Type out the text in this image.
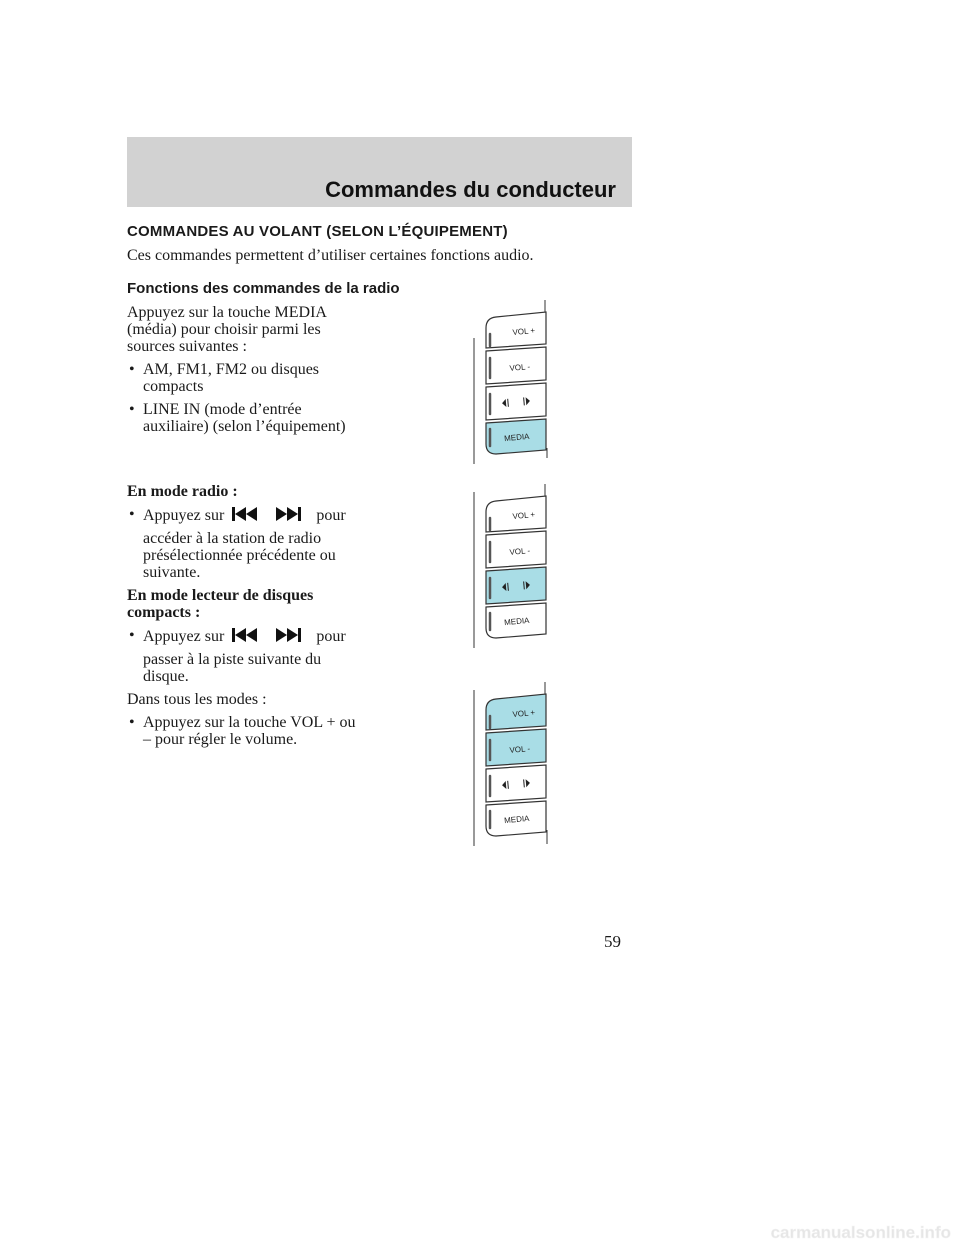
Commandes du conducteur
COMMANDES AU VOLANT (SELON L’ÉQUIPEMENT)
Ces commandes permettent d’utiliser certaines fonctions audio.
Fonctions des commandes de la radio

Appuyez sur la touche MEDIA
(média) pour choisir parmi les
sources suivantes :

• AM, FM1, FM2 ou disques
compacts
• LINE IN (mode d’entrée
auxiliaire) (selon l’équipement)

En mode radio :

• Appuyez sur	pour
accéder à la station de radio
présélectionnée précédente ou
suivante.

En mode lecteur de disques
compacts :

• Appuyez sur	pour
passer à la piste suivante du
disque.

Dans tous les modes :

• Appuyez sur la touche VOL + ou
– pour régler le volume.
VOL +
VOL -
MEDIA
VOL +
VOL -
MEDIA
VOL +
VOL -
MEDIA
59
carmanualsonline.info
